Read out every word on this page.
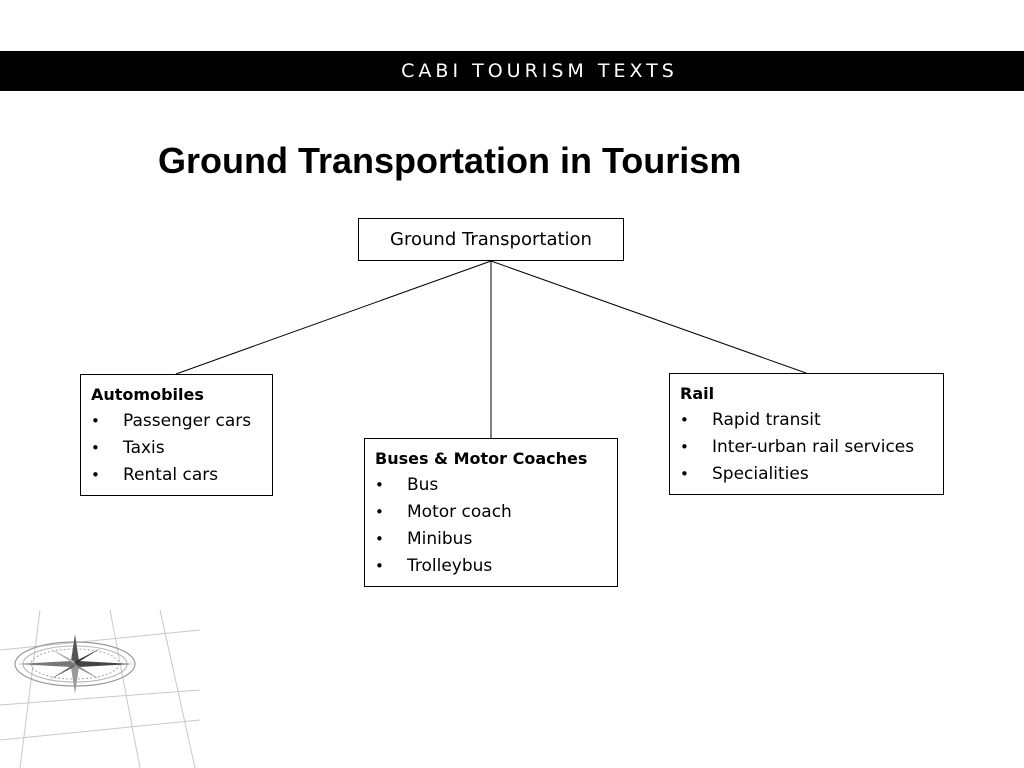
CABI TOURISM TEXTS
Ground Transportation in Tourism
Ground Transportation
Automobiles
• Passenger cars
• Taxis
• Rental cars
Buses & Motor Coaches
• Bus
• Motor coach
• Minibus
• Trolleybus
Rail
• Rapid transit
• Inter-urban rail services
• Specialities
